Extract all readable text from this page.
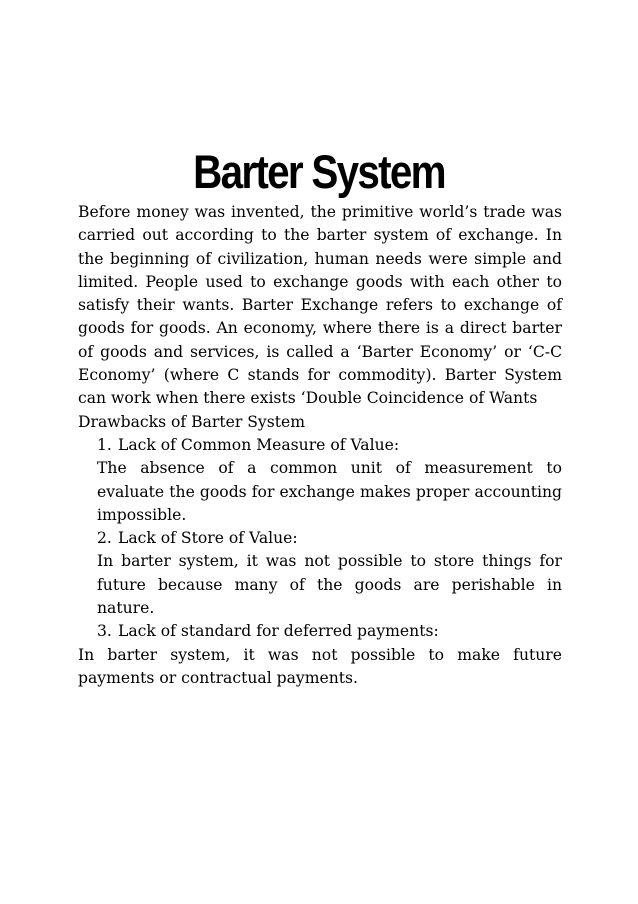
Barter System

Before money was invented, the primitive world’s trade was carried out according to the barter system of exchange. In the beginning of civilization, human needs were simple and limited. People used to exchange goods with each other to satisfy their wants. Barter Exchange refers to exchange of goods for goods. An economy, where there is a direct barter of goods and services, is called a ‘Barter Economy’ or ‘C-C Economy’ (where C stands for commodity). Barter System can work when there exists ‘Double Coincidence of Wants

Drawbacks of Barter System

1. Lack of Common Measure of Value:

The absence of a common unit of measurement to evaluate the goods for exchange makes proper accounting impossible.

2. Lack of Store of Value:

In barter system, it was not possible to store things for future because many of the goods are perishable in nature.

3. Lack of standard for deferred payments:

In barter system, it was not possible to make future payments or contractual payments.
